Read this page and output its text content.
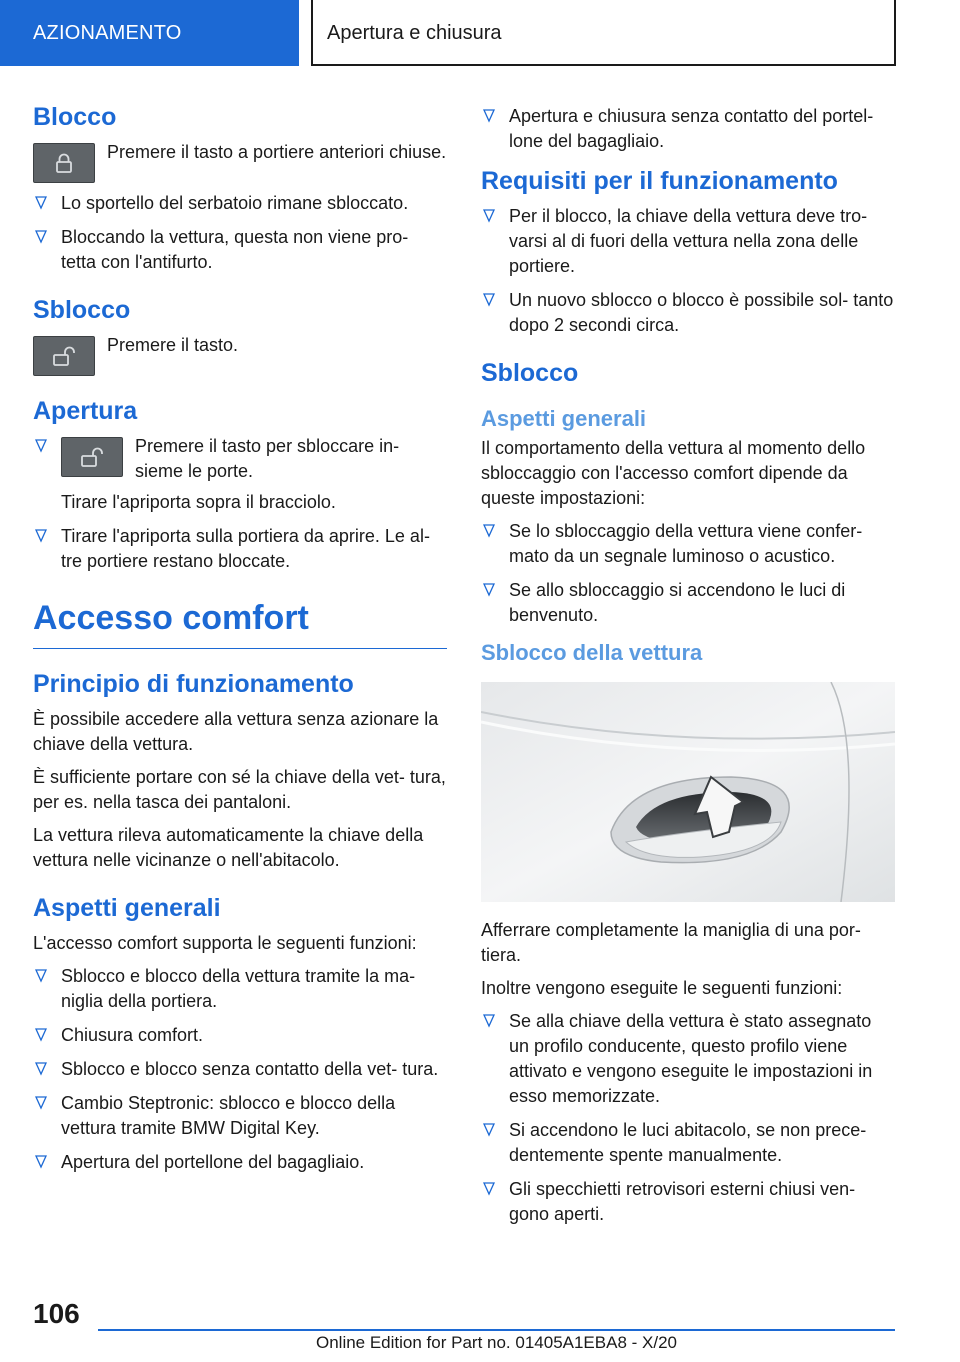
AZIONAMENTO	Apertura e chiusura
Blocco
Premere il tasto a portiere anteriori chiuse.
Lo sportello del serbatoio rimane sbloccato.
Bloccando la vettura, questa non viene pro- tetta con l'antifurto.
Sblocco
Premere il tasto.
Apertura
Premere il tasto per sbloccare in- sieme le porte.
Tirare l'apriporta sopra il bracciolo.
Tirare l'apriporta sulla portiera da aprire. Le al- tre portiere restano bloccate.
Accesso comfort
Principio di funzionamento

È possibile accedere alla vettura senza azionare la chiave della vettura.

È sufficiente portare con sé la chiave della vet- tura, per es. nella tasca dei pantaloni.

La vettura rileva automaticamente la chiave della vettura nelle vicinanze o nell'abitacolo.

Aspetti generali

L'accesso comfort supporta le seguenti funzioni:

Sblocco e blocco della vettura tramite la ma- niglia della portiera.
Chiusura comfort.
Sblocco e blocco senza contatto della vet- tura.
Cambio Steptronic: sblocco e blocco della vettura tramite BMW Digital Key.
Apertura del portellone del bagagliaio.
Apertura e chiusura senza contatto del portel- lone del bagagliaio.
Requisiti per il funzionamento
Per il blocco, la chiave della vettura deve tro- varsi al di fuori della vettura nella zona delle portiere.
Un nuovo sblocco o blocco è possibile sol- tanto dopo 2 secondi circa.
Sblocco
Aspetti generali

Il comportamento della vettura al momento dello sbloccaggio con l'accesso comfort dipende da queste impostazioni:

Se lo sbloccaggio della vettura viene confer- mato da un segnale luminoso o acustico.
Se allo sbloccaggio si accendono le luci di benvenuto.
Sblocco della vettura

Afferrare completamente la maniglia di una por- tiera.

Inoltre vengono eseguite le seguenti funzioni:

Se alla chiave della vettura è stato assegnato un profilo conducente, questo profilo viene attivato e vengono eseguite le impostazioni in esso memorizzate.
Si accendono le luci abitacolo, se non prece- dentemente spente manualmente.
Gli specchietti retrovisori esterni chiusi ven- gono aperti.
106
Online Edition for Part no. 01405A1EBA8 - X/20
